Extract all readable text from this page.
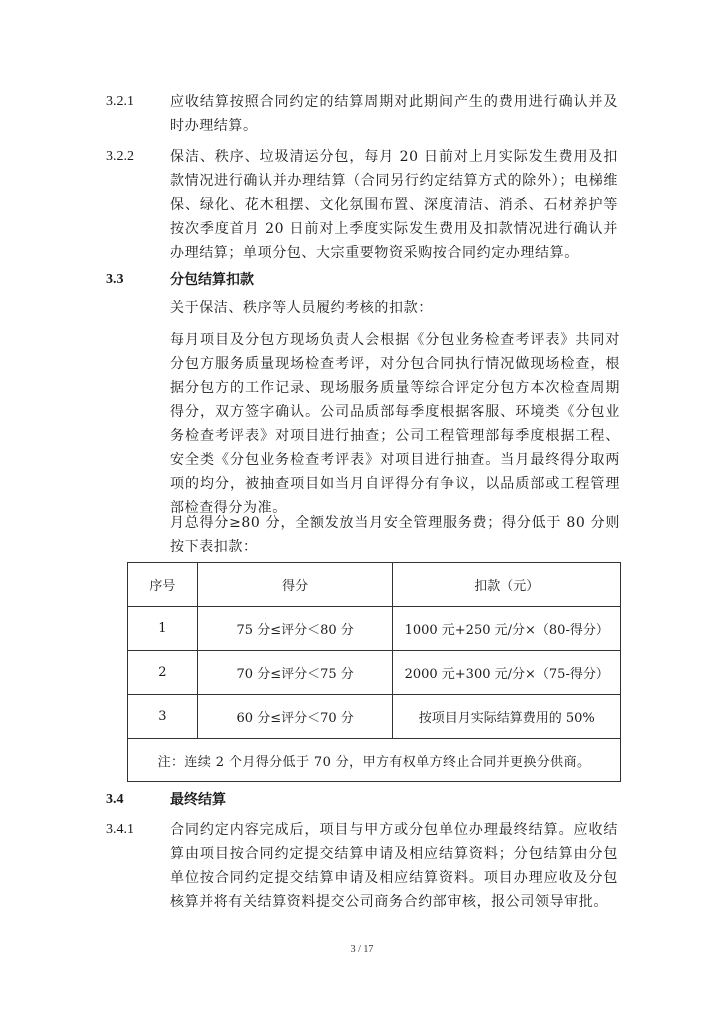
3.2.1	应收结算按照合同约定的结算周期对此期间产生的费用进行确认并及时办理结算。
3.2.2	保洁、秩序、垃圾清运分包，每月 20 日前对上月实际发生费用及扣款情况进行确认并办理结算（合同另行约定结算方式的除外）；电梯维保、绿化、花木租摆、文化氛围布置、深度清洁、消杀、石材养护等按次季度首月 20 日前对上季度实际发生费用及扣款情况进行确认并办理结算；单项分包、大宗重要物资采购按合同约定办理结算。
3.3	分包结算扣款
关于保洁、秩序等人员履约考核的扣款：
每月项目及分包方现场负责人会根据《分包业务检查考评表》共同对分包方服务质量现场检查考评，对分包合同执行情况做现场检查，根据分包方的工作记录、现场服务质量等综合评定分包方本次检查周期得分，双方签字确认。公司品质部每季度根据客服、环境类《分包业务检查考评表》对项目进行抽查；公司工程管理部每季度根据工程、安全类《分包业务检查考评表》对项目进行抽查。当月最终得分取两项的均分，被抽查项目如当月自评得分有争议，以品质部或工程管理部检查得分为准。
月总得分≥80 分，全额发放当月安全管理服务费；得分低于 80 分则按下表扣款：
序号	得分	扣款（元）
1	75 分≤评分＜80 分	1000 元+250 元/分×（80-得分）
2	70 分≤评分＜75 分	2000 元+300 元/分×（75-得分）
3	60 分≤评分＜70 分	按项目月实际结算费用的 50%
注：连续 2 个月得分低于 70 分，甲方有权单方终止合同并更换分供商。		
3.4	最终结算
3.4.1	合同约定内容完成后，项目与甲方或分包单位办理最终结算。应收结算由项目按合同约定提交结算申请及相应结算资料；分包结算由分包单位按合同约定提交结算申请及相应结算资料。项目办理应收及分包核算并将有关结算资料提交公司商务合约部审核，报公司领导审批。
3 / 17
